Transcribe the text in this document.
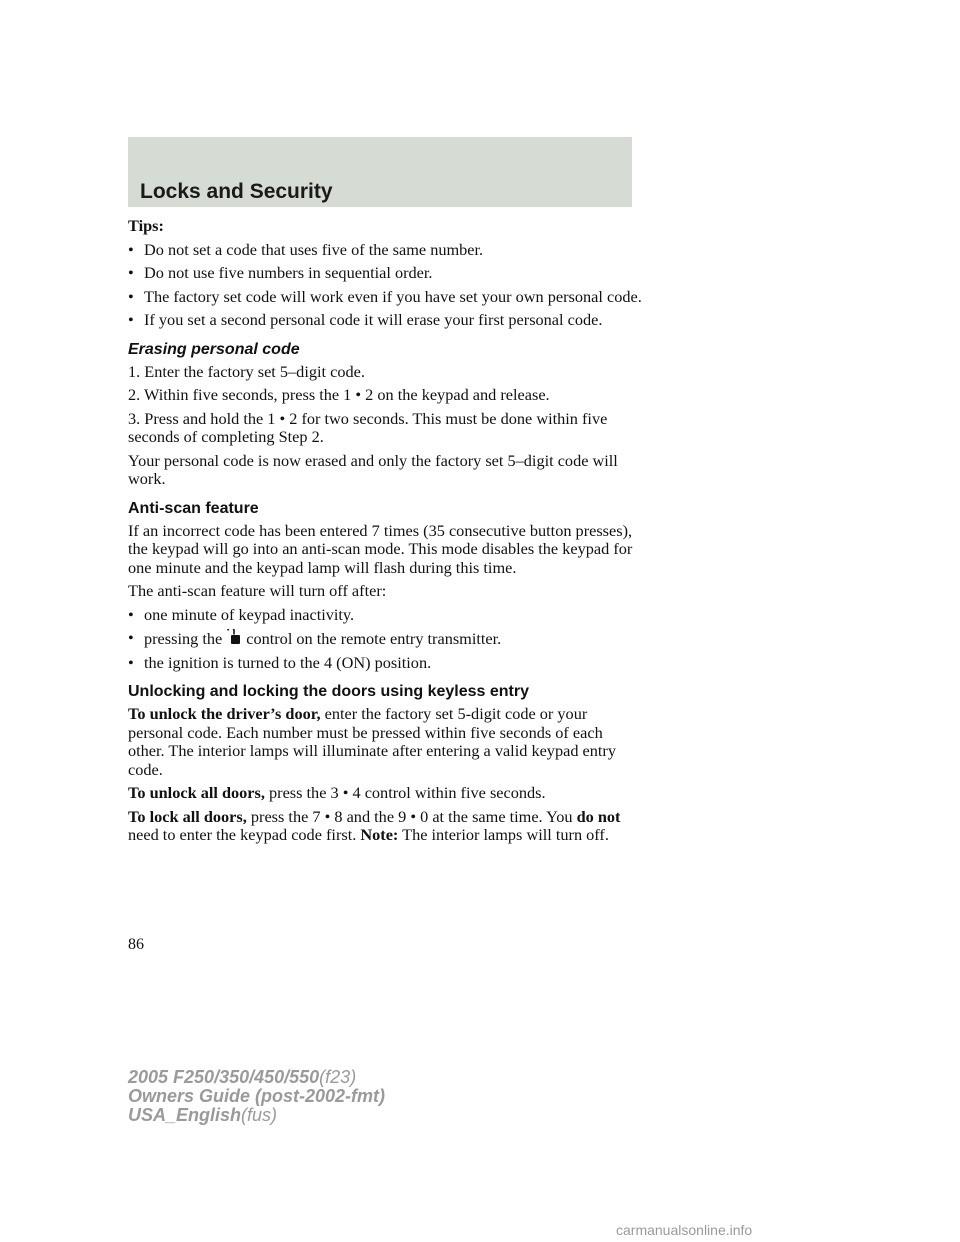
Locks and Security

Tips:

• Do not set a code that uses five of the same number.
• Do not use five numbers in sequential order.
• The factory set code will work even if you have set your own personal code.
• If you set a second personal code it will erase your first personal code.
Erasing personal code

1. Enter the factory set 5–digit code.

2. Within five seconds, press the 1 • 2 on the keypad and release.

3. Press and hold the 1 • 2 for two seconds. This must be done within five seconds of completing Step 2.

Your personal code is now erased and only the factory set 5–digit code will work.

Anti-scan feature

If an incorrect code has been entered 7 times (35 consecutive button presses), the keypad will go into an anti-scan mode. This mode disables the keypad for one minute and the keypad lamp will flash during this time.

The anti-scan feature will turn off after:

• one minute of keypad inactivity.
• pressing the control on the remote entry transmitter.
• the ignition is turned to the 4 (ON) position.
Unlocking and locking the doors using keyless entry

To unlock the driver’s door, enter the factory set 5-digit code or your personal code. Each number must be pressed within five seconds of each other. The interior lamps will illuminate after entering a valid keypad entry code.

To unlock all doors, press the 3 • 4 control within five seconds.

To lock all doors, press the 7 • 8 and the 9 • 0 at the same time. You do not need to enter the keypad code first. Note: The interior lamps will turn off.

86
2005 F250/350/450/550(f23)
Owners Guide (post-2002-fmt)
USA_English(fus)
carmanualsonline.info
